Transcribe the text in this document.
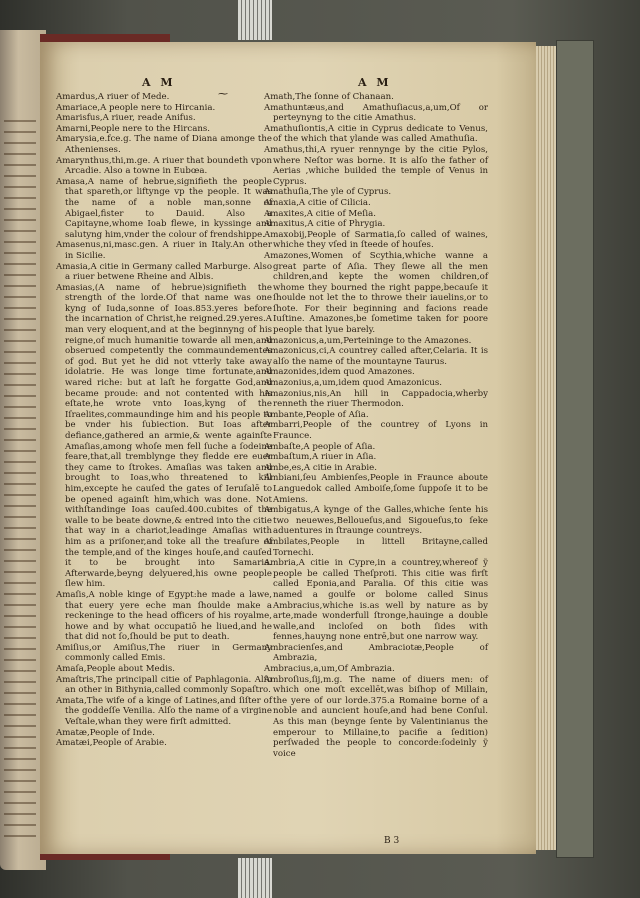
A M	A M
⁓

Amardus,A riuer of Mede.

Amariace,A people nere to Hircania.

Amarisfus,A riuer, reade Anifus.

Amarni,People nere to the Hircans.

Amarysia,e.fce.g. The name of Diana amonge the Athenienses.

Amarynthus,thi,m.ge. A riuer that boundeth vpon Arcadie. Also a towne in Eubœa.

Amasa,A name of hebrue,signifieth the people that spareth,or liftynge vp the people. It was the name of a noble man,sonne of Abigael,fister to Dauid. Also a Capitayne,whome Ioab flewe, in kyssinge and salutyng him,vnder the colour of frendshippe.

Amasenus,ni,masc.gen. A riuer in Italy.An other in Sicilie.

Amasia,A citie in Germany called Marburge. Also a riuer betwene Rheine and Albis.

Amasias,(A name of hebrue)signifieth the strength of the lorde.Of that name was one kyng of Iuda,sonne of Ioas.853.yeres before the incarnation of Christ,he reigned.29.yeres.A man very eloquent,and at the beginnyng of his reigne,of much humanitie towarde all men,and obserued competently the commaundementes of god. But yet he did not vtterly take away idolatrie. He was longe time fortunate,and wared riche: but at laſt he forgatte God,and became proude: and not contented with his eſtate,he wrote vnto Ioas,kyng of the Iſraelites,commaundinge him and his people to be vnder his ſubiection. But Ioas after defiance,gathered an armie,& wente againſte Amaſias,among whoſe men fell ſuche a ſodeine feare,that,all tremblynge they fledde ere euer they came to ſtrokes. Amaſias was taken and brought to Ioas,who threatened to kill him,excepte he cauſed the gates of Ieruſalē to be opened againſt him,which was done. Not withſtandinge Ioas cauſed.400.cubites of the walle to be beate downe,& entred into the citie that way in a chariot,leadinge Amaſias with him as a priſoner,and toke all the treaſure of the temple,and of the kinges houſe,and cauſed it to be brought into Samaria. Afterwarde,beyng delyuered,his owne people ſlew him.

Amaſis,A noble kinge of Egypt:he made a lawe, that euery yere eche man ſhoulde make a reckeninge to the head officers of his royalme, howe and by what occupatiō he liued,and he that did not ſo,ſhould be put to death.

Amiſius,or Amiſius,The riuer in Germany commonly called Emis.

Amaſa,People about Medis.

Amaſtris,The principall citie of Paphlagonia. Alſo an other in Bithynia,called commonly Sopaſtro.

Amata,The wife of a kinge of Latines,and ſiſter of the goddeſſe Venilia. Alſo the name of a virgine Veſtale,whan they were firſt admitted.

Amatæ,People of Inde.

Amatæi,People of Arabie.

Amath,The ſonne of Chanaan.

Amathuntæus,and Amathuſiacus,a,um,Of or perteynyng to the citie Amathus.

Amathuſiontis,A citie in Cyprus dedicate to Venus, of the which that ylande was called Amathuſia.

Amathus,thi,A ryuer rennynge by the citie Pylos, where Neſtor was borne. It is alſo the father of Aerias ,whiche builded the temple of Venus in Cyprus.

Amathuſia,The yle of Cyprus.

Amaxia,A citie of Cilicia.

Amaxites,A citie of Meſia.

Amaxitus,A citie of Phrygia.

Amaxobij,People of Sarmatia,ſo called of waines, whiche they vſed in ſteede of houſes.

Amazones,Women of Scythia,whiche wanne a great parte of Aſia. They ſlewe all the men children,and kepte the women children,of whome they bourned the right pappe,becauſe it ſhoulde not let the to throwe their iauelins,or to ſhote. For their beginning and facions reade Iuſtine. Amazones,be ſometime taken for poore people that lyue barely.

Amazonicus,a,um,Perteininge to the Amazones.

Amazonicus,ci,A countrey called after,Celaria. It is alſo the name of the mountayne Taurus.

Amazonides,idem quod Amazones.

Amazonius,a,um,idem quod Amazonicus.

Amazonius,nis,An hill in Cappadocia,wherby renneth the riuer Thermodon.

Ambante,People of Aſia.

Ambarri,People of the countrey of Lyons in Fraunce.

Ambaſte,A people of Aſia.

Ambaſtum,A riuer in Aſia.

Ambe,es,A citie in Arabie.

Ambiani,ſeu Ambienſes,People in Fraunce aboute Languedok called Amboiſe,ſome ſuppoſe it to be Amiens.

Ambigatus,A kynge of the Galles,whiche ſente his two neuewes,Belloueſus,and Sigoueſus,to ſeke aduentures in ſtraunge countreys.

Ambilates,People in littell Britayne,called Tornechi.

Ambria,A citie in Cypre,in a countrey,whereof ỹ people be called Theſproti. This citie was firſt called Eponia,and Paralia. Of this citie was named a goulfe or bolome called Sinus Ambracius,whiche is.as well by nature as by arte,made wonderfull ſtronge,hauinge a double walle,and incloſed on both ſides with fennes,hauyng none entrē,but one narrow way.

Ambracienſes,and Ambraciotæ,People of Ambrazia,

Ambracius,a,um,Of Ambrazia.

Ambroſius,ſij,m.g. The name of diuers men: of which one moſt excellēt,was biſhop of Millain, the yere of our lorde.375.a Romaine borne of a noble and auncient houſe,and had bene Conſul. As this man (beynge ſente by Valentinianus the emperour to Millaine,to pacifie a ſedition) perſwaded the people to concorde:ſodeinly ỹ voice

B 3
